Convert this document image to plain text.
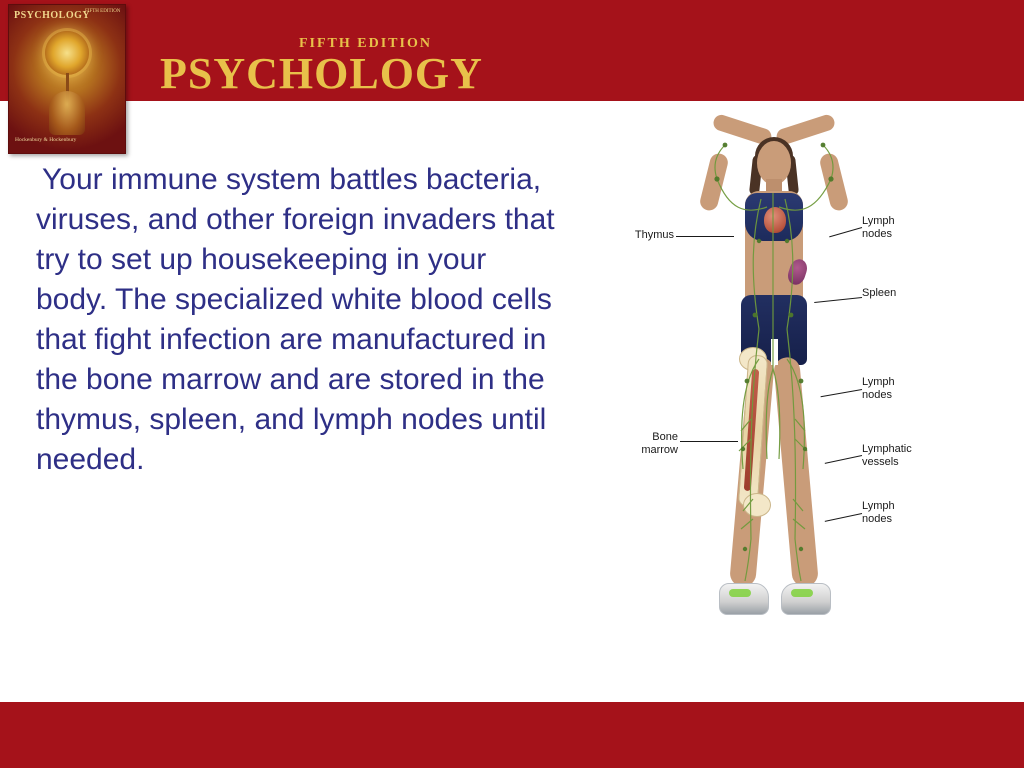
FIFTH EDITION
PSYCHOLOGY
PSYCHOLOGY
FIFTH EDITION
Hockenbury & Hockenbury
Your immune system battles bacteria, viruses, and other foreign invaders that try to set up housekeeping in your body. The specialized white blood cells that fight infection are manufactured in the bone marrow and are stored in the thymus, spleen, and lymph nodes until needed.
Thymus
Bone
marrow
Lymph
nodes
Spleen
Lymph
nodes
Lymphatic
vessels
Lymph
nodes
